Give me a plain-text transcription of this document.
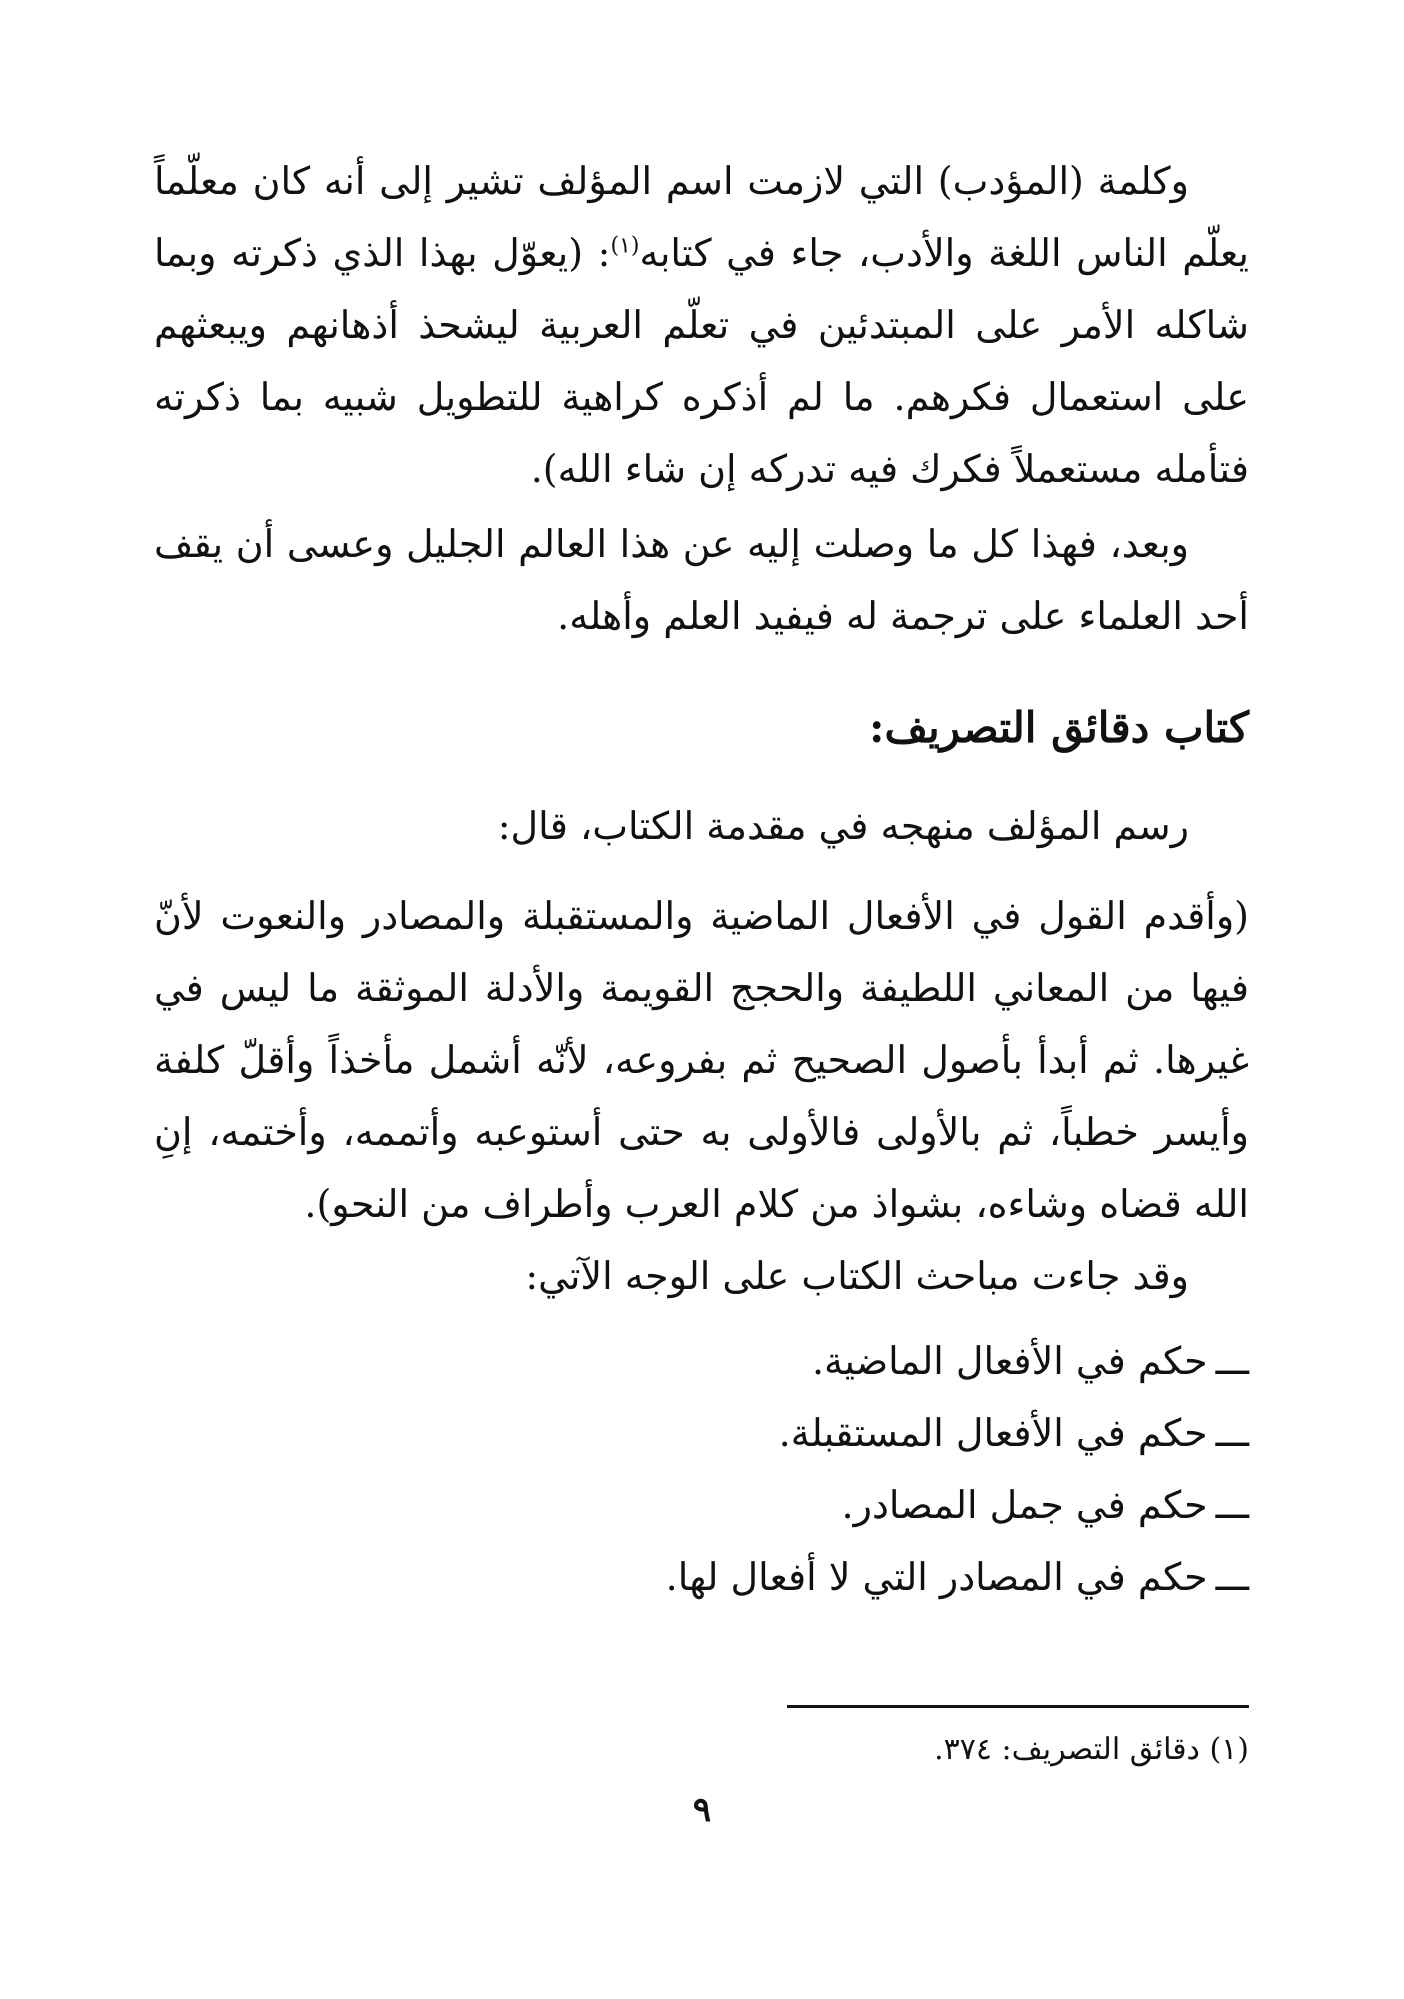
وكلمة (المؤدب) التي لازمت اسم المؤلف تشير إلى أنه كان معلّماً يعلّم الناس اللغة والأدب، جاء في كتابه$^{(١)}$: (يعوّل بهذا الذي ذكرته وبما شاكله الأمر على المبتدئين في تعلّم العربية ليشحذ أذهانهم ويبعثهم على استعمال فكرهم. ما لم أذكره كراهية للتطويل شبيه بما ذكرته فتأمله مستعملاً فكرك فيه تدركه إن شاء الله).

وبعد، فهذا كل ما وصلت إليه عن هذا العالم الجليل وعسى أن يقف أحد العلماء على ترجمة له فيفيد العلم وأهله.

كتاب دقائق التصريف:

رسم المؤلف منهجه في مقدمة الكتاب، قال:

(وأقدم القول في الأفعال الماضية والمستقبلة والمصادر والنعوت لأنّ فيها من المعاني اللطيفة والحجج القويمة والأدلة الموثقة ما ليس في غيرها. ثم أبدأ بأصول الصحيح ثم بفروعه، لأنّه أشمل مأخذاً وأقلّ كلفة وأيسر خطباً، ثم بالأولى فالأولى به حتى أستوعبه وأتممه، وأختمه، إنِ الله قضاه وشاءه، بشواذ من كلام العرب وأطراف من النحو).

وقد جاءت مباحث الكتاب على الوجه الآتي:

ـــحكم في الأفعال الماضية.
ـــحكم في الأفعال المستقبلة.
ـــحكم في جمل المصادر.
ـــحكم في المصادر التي لا أفعال لها.
(١) دقائق التصريف: ٣٧٤.
٩
